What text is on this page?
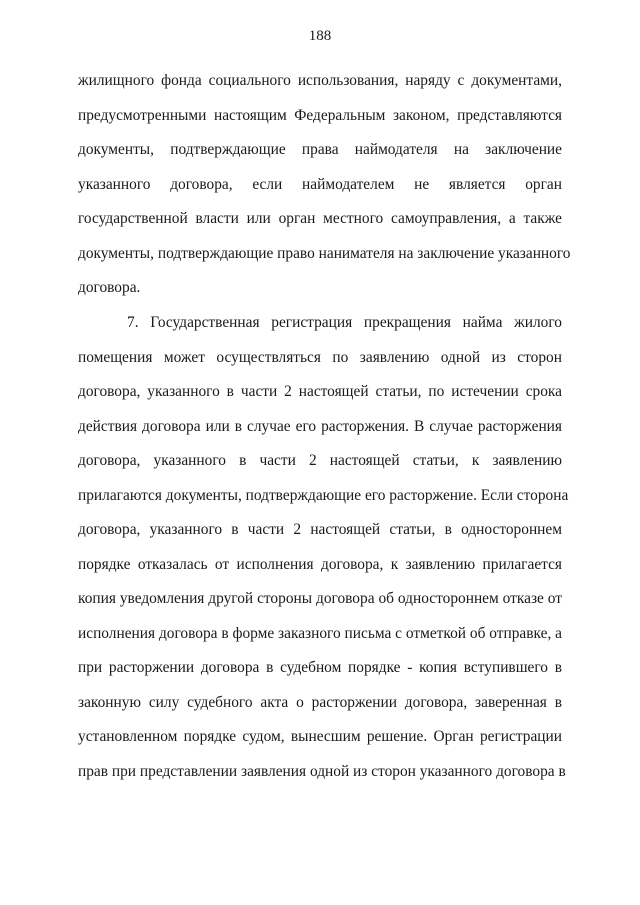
188
жилищного фонда социального использования, наряду с документами,
предусмотренными настоящим Федеральным законом, представляются
документы, подтверждающие права наймодателя на заключение
указанного договора, если наймодателем не является орган
государственной власти или орган местного самоуправления, а также
документы, подтверждающие право нанимателя на заключение указанного
договора.
7. Государственная регистрация прекращения найма жилого
помещения может осуществляться по заявлению одной из сторон
договора, указанного в части 2 настоящей статьи, по истечении срока
действия договора или в случае его расторжения. В случае расторжения
договора, указанного в части 2 настоящей статьи, к заявлению
прилагаются документы, подтверждающие его расторжение. Если сторона
договора, указанного в части 2 настоящей статьи, в одностороннем
порядке отказалась от исполнения договора, к заявлению прилагается
копия уведомления другой стороны договора об одностороннем отказе от
исполнения договора в форме заказного письма с отметкой об отправке, а
при расторжении договора в судебном порядке - копия вступившего в
законную силу судебного акта о расторжении договора, заверенная в
установленном порядке судом, вынесшим решение. Орган регистрации
прав при представлении заявления одной из сторон указанного договора в
